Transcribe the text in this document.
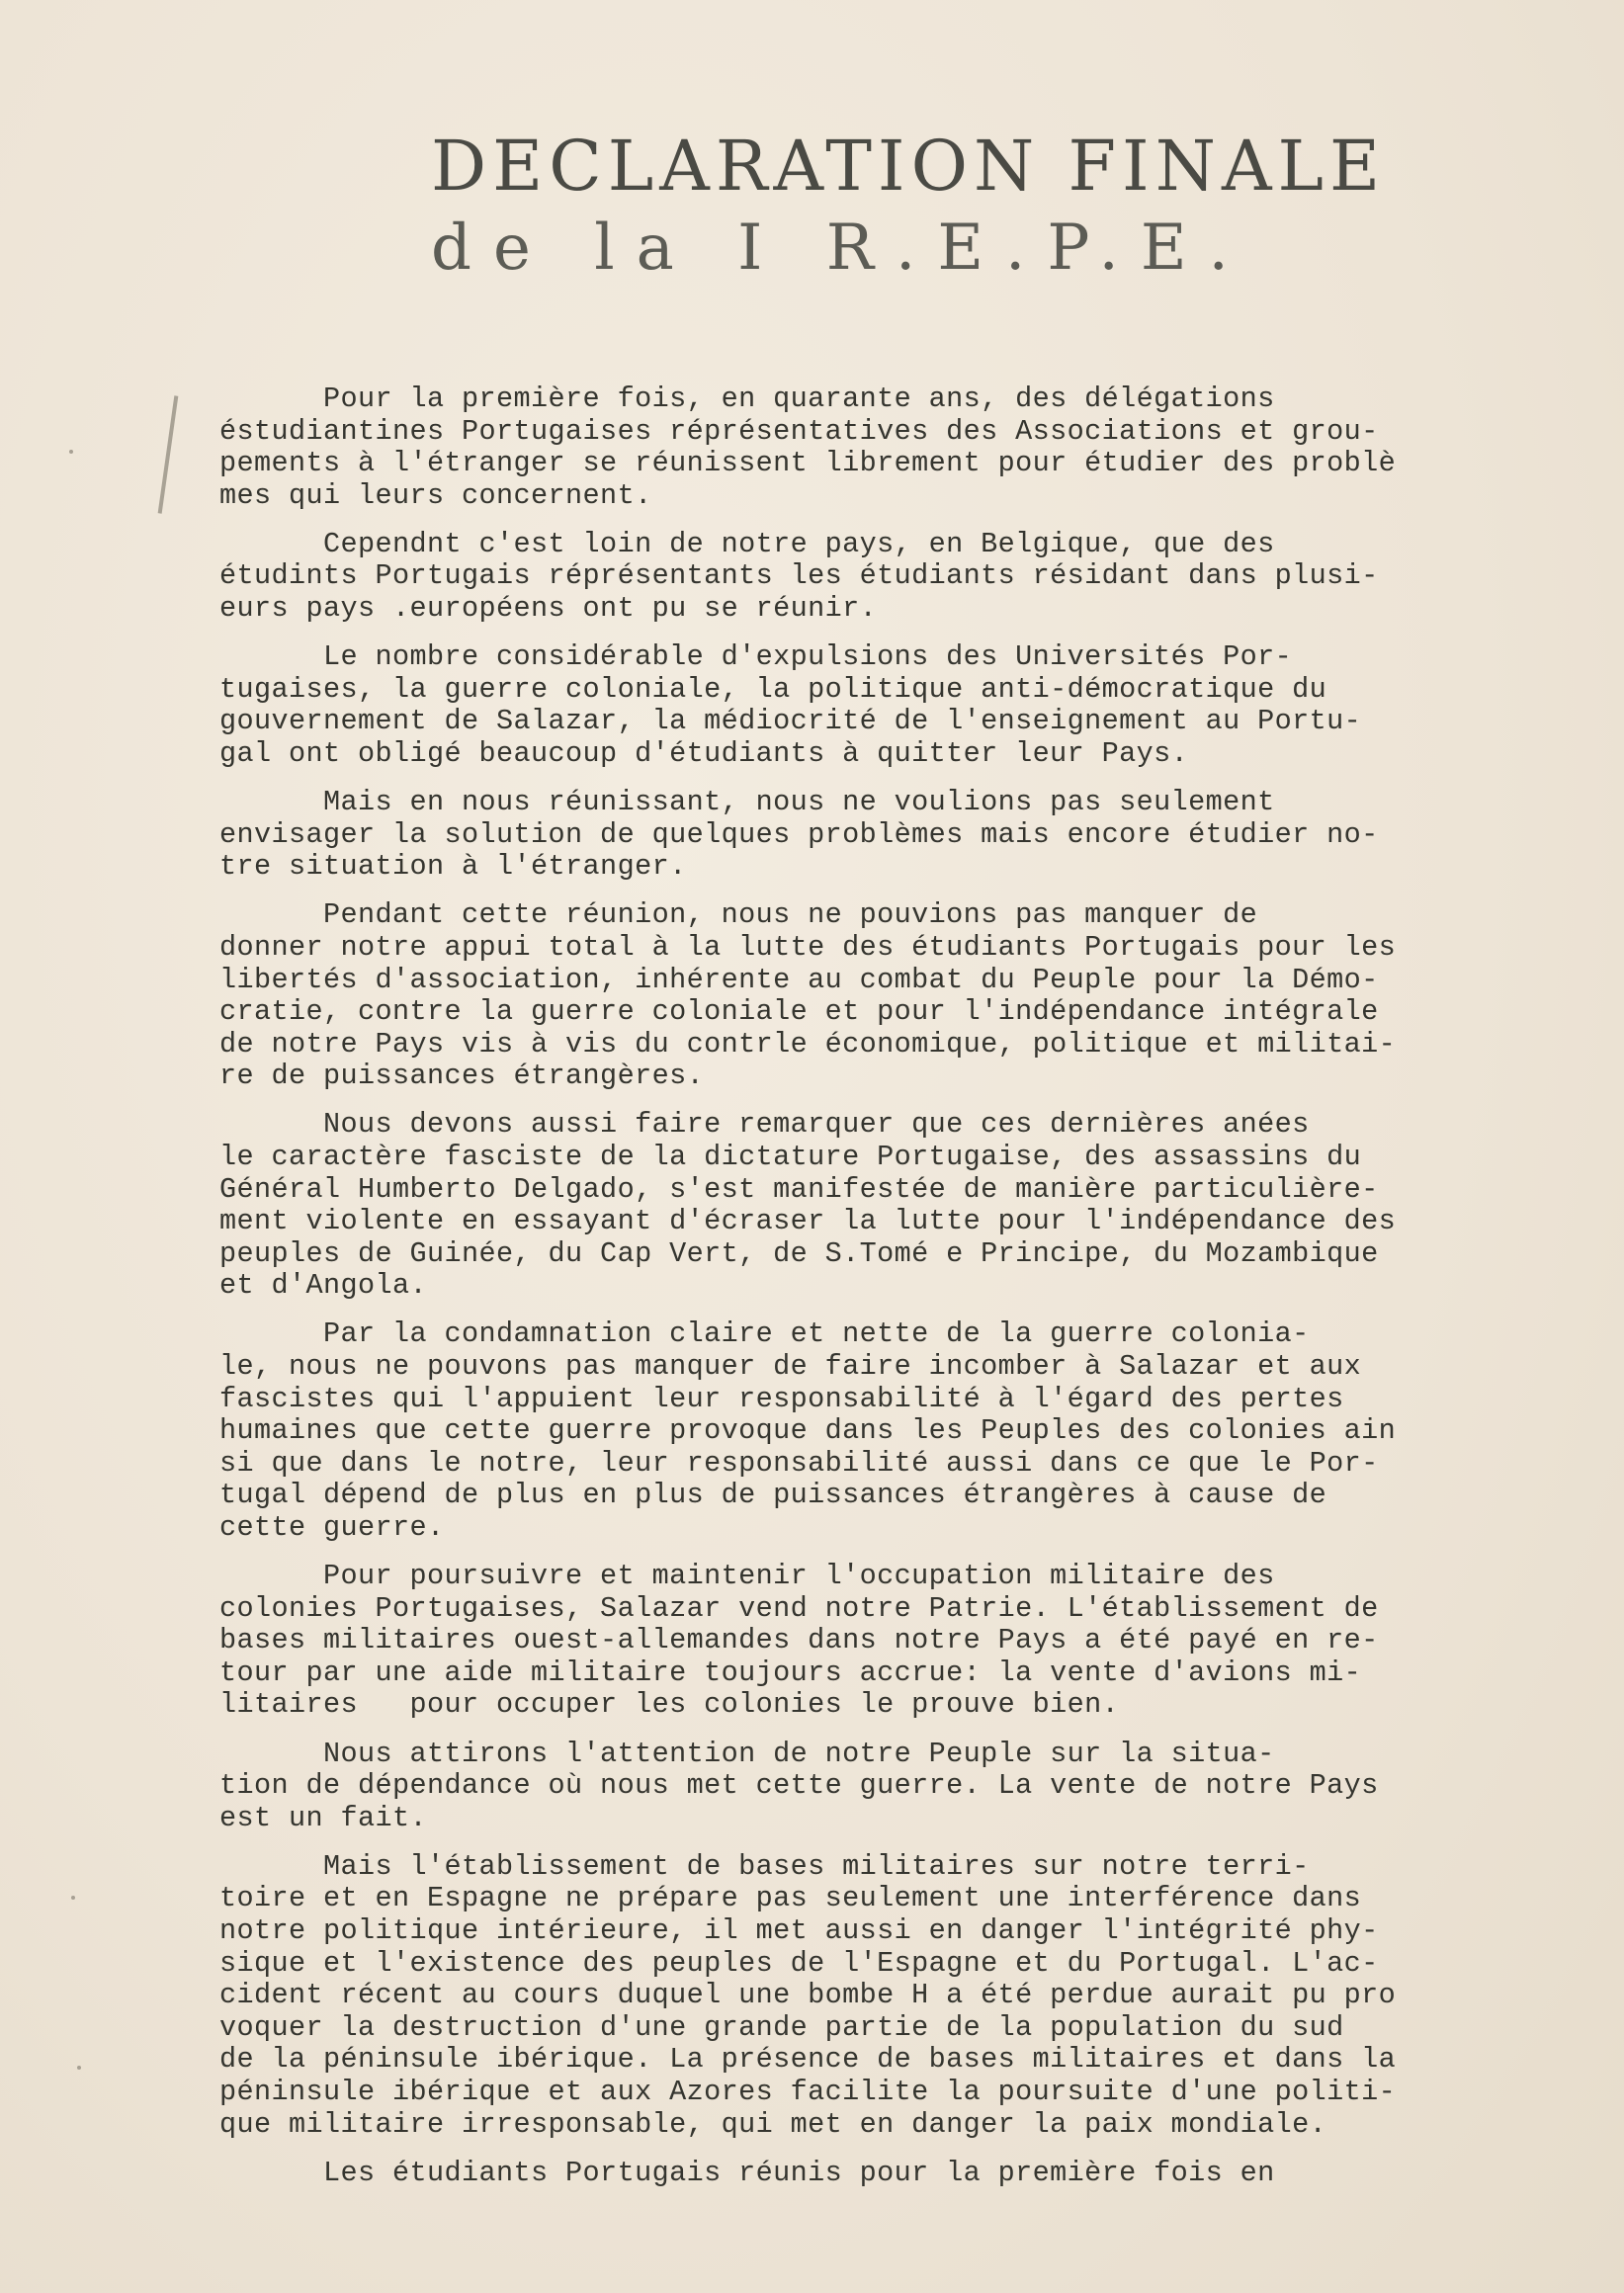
DECLARATION FINALE
de la I R.E.P.E.
Pour la première fois, en quarante ans, des délégations
éstudiantines Portugaises réprésentatives des Associations et grou-
pements à l'étranger se réunissent librement pour étudier des problè
mes qui leurs concernent.
Cependnt c'est loin de notre pays, en Belgique, que des
étudints Portugais réprésentants les étudiants résidant dans plusi-
eurs pays .européens ont pu se réunir.
Le nombre considérable d'expulsions des Universités Por-
tugaises, la guerre coloniale, la politique anti-démocratique du
gouvernement de Salazar, la médiocrité de l'enseignement au Portu-
gal ont obligé beaucoup d'étudiants à quitter leur Pays.
Mais en nous réunissant, nous ne voulions pas seulement
envisager la solution de quelques problèmes mais encore étudier no-
tre situation à l'étranger.
Pendant cette réunion, nous ne pouvions pas manquer de
donner notre appui total à la lutte des étudiants Portugais pour les
libertés d'association, inhérente au combat du Peuple pour la Démo-
cratie, contre la guerre coloniale et pour l'indépendance intégrale
de notre Pays vis à vis du contrle économique, politique et militai-
re de puissances étrangères.
Nous devons aussi faire remarquer que ces dernières anées
le caractère fasciste de la dictature Portugaise, des assassins du
Général Humberto Delgado, s'est manifestée de manière particulière-
ment violente en essayant d'écraser la lutte pour l'indépendance des
peuples de Guinée, du Cap Vert, de S.Tomé e Principe, du Mozambique
et d'Angola.
Par la condamnation claire et nette de la guerre colonia-
le, nous ne pouvons pas manquer de faire incomber à Salazar et aux
fascistes qui l'appuient leur responsabilité à l'égard des pertes
humaines que cette guerre provoque dans les Peuples des colonies ain
si que dans le notre, leur responsabilité aussi dans ce que le Por-
tugal dépend de plus en plus de puissances étrangères à cause de
cette guerre.
Pour poursuivre et maintenir l'occupation militaire des
colonies Portugaises, Salazar vend notre Patrie. L'établissement de
bases militaires ouest-allemandes dans notre Pays a été payé en re-
tour par une aide militaire toujours accrue: la vente d'avions mi-
litaires   pour occuper les colonies le prouve bien.
Nous attirons l'attention de notre Peuple sur la situa-
tion de dépendance où nous met cette guerre. La vente de notre Pays
est un fait.
Mais l'établissement de bases militaires sur notre terri-
toire et en Espagne ne prépare pas seulement une interférence dans
notre politique intérieure, il met aussi en danger l'intégrité phy-
sique et l'existence des peuples de l'Espagne et du Portugal. L'ac-
cident récent au cours duquel une bombe H a été perdue aurait pu pro
voquer la destruction d'une grande partie de la population du sud
de la péninsule ibérique. La présence de bases militaires et dans la
péninsule ibérique et aux Azores facilite la poursuite d'une politi-
que militaire irresponsable, qui met en danger la paix mondiale.
Les étudiants Portugais réunis pour la première fois en
